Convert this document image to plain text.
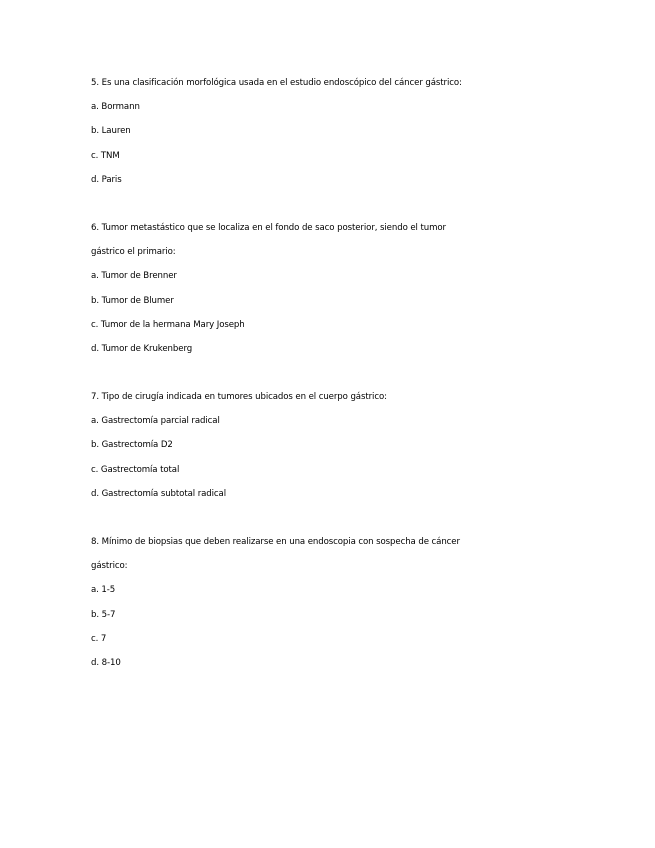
5. Es una clasificación morfológica usada en el estudio endoscópico del cáncer gástrico:
a. Bormann
b. Lauren
c. TNM
d. Paris
6. Tumor metastástico que se localiza en el fondo de saco posterior, siendo el tumor
gástrico el primario:
a. Tumor de Brenner
b. Tumor de Blumer
c. Tumor de la hermana Mary Joseph
d. Tumor de Krukenberg
7. Tipo de cirugía indicada en tumores ubicados en el cuerpo gástrico:
a. Gastrectomía parcial radical
b. Gastrectomía D2
c. Gastrectomía total
d. Gastrectomía subtotal radical
8. Mínimo de biopsias que deben realizarse en una endoscopia con sospecha de cáncer
gástrico:
a. 1-5
b. 5-7
c. 7
d. 8-10
